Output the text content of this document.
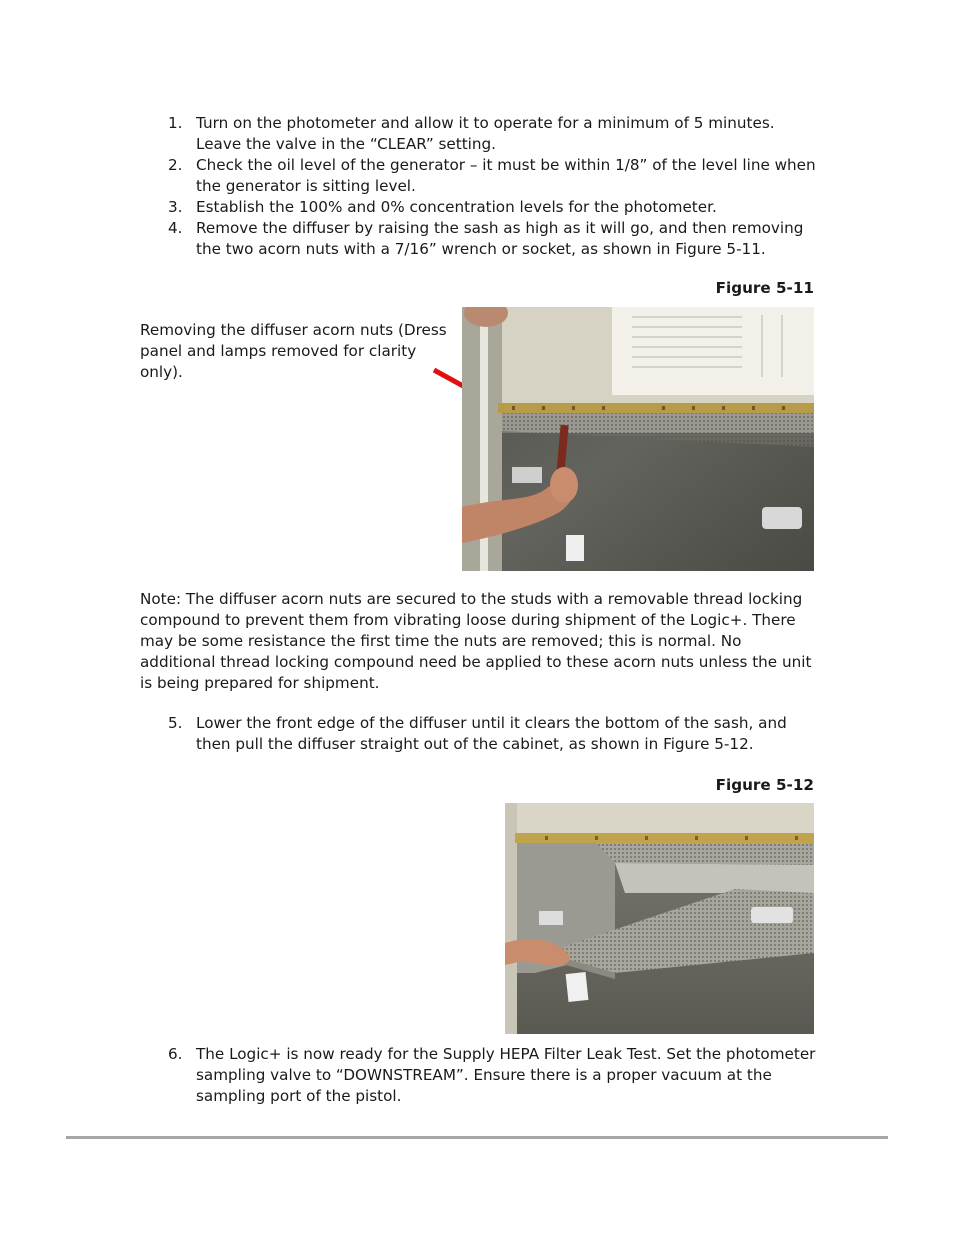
1. Turn on the photometer and allow it to operate for a minimum of 5 minutes. Leave the valve in the “CLEAR” setting.
2. Check the oil level of the generator – it must be within 1/8” of the level line when the generator is sitting level.
3. Establish the 100% and 0% concentration levels for the photometer.
4. Remove the diffuser by raising the sash as high as it will go, and then removing the two acorn nuts with a 7/16” wrench or socket, as shown in Figure 5-11.
Figure 5-11
Removing the diffuser acorn nuts (Dress panel and lamps removed for clarity only).
Note: The diffuser acorn nuts are secured to the studs with a removable thread locking compound to prevent them from vibrating loose during shipment of the Logic+. There may be some resistance the first time the nuts are removed; this is normal. No additional thread locking compound need be applied to these acorn nuts unless the unit is being prepared for shipment.
5. Lower the front edge of the diffuser until it clears the bottom of the sash, and then pull the diffuser straight out of the cabinet, as shown in Figure 5-12.
Figure 5-12
6. The Logic+ is now ready for the Supply HEPA Filter Leak Test. Set the photometer sampling valve to “DOWNSTREAM”. Ensure there is a proper vacuum at the sampling port of the pistol.
